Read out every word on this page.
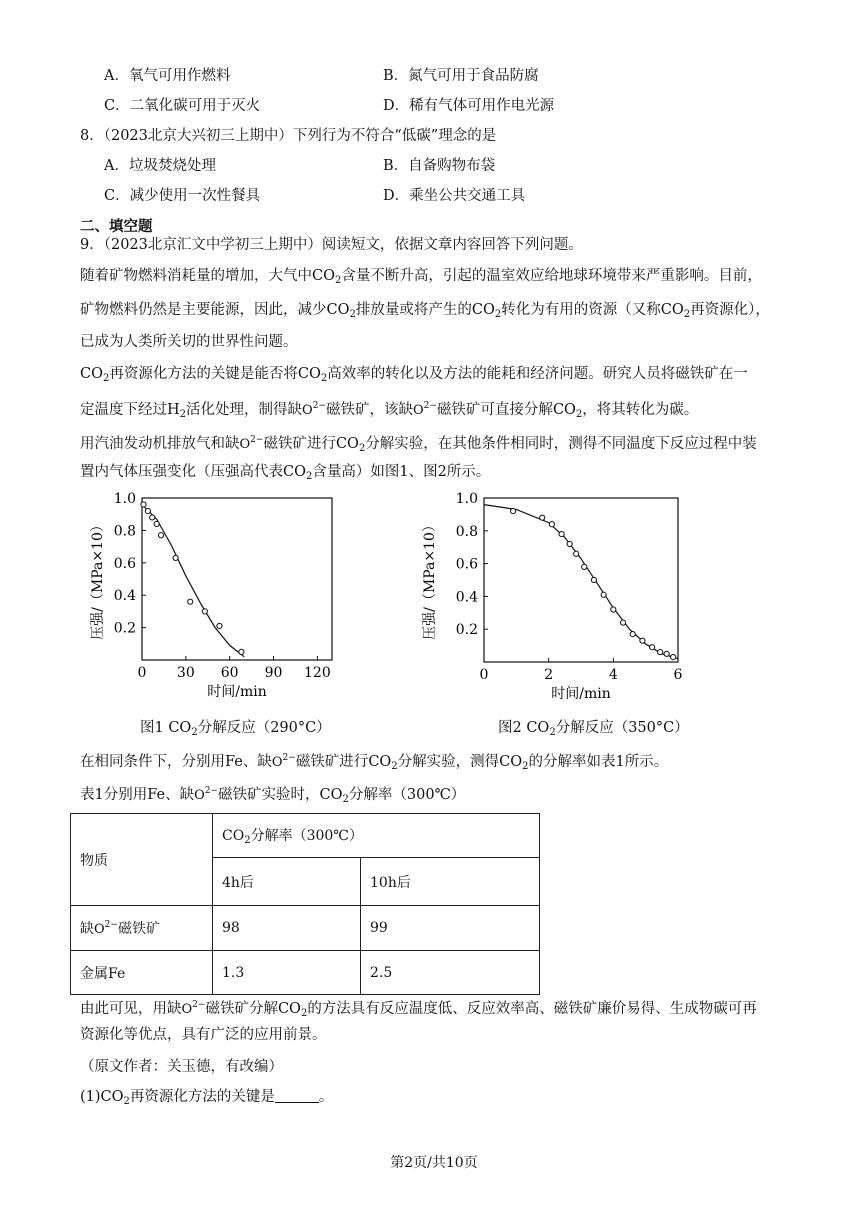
A．氧气可用作燃料	B．氮气可用于食品防腐
C．二氧化碳可用于灭火	D．稀有气体可用作电光源
8．（2023北京大兴初三上期中）下列行为不符合“低碳”理念的是
A．垃圾焚烧处理	B．自备购物布袋
C．减少使用一次性餐具	D．乘坐公共交通工具
二、填空题
9．（2023北京汇文中学初三上期中）阅读短文，依据文章内容回答下列问题。
随着矿物燃料消耗量的增加，大气中$CO_2$含量不断升高，引起的温室效应给地球环境带来严重影响。目前，
矿物燃料仍然是主要能源，因此，减少$CO_2$排放量或将产生的$CO_2$转化为有用的资源（又称$CO_2$再资源化），
已成为人类所关切的世界性问题。
$CO_2$再资源化方法的关键是能否将$CO_2$高效率的转化以及方法的能耗和经济问题。研究人员将磁铁矿在一
定温度下经过$H_2$活化处理，制得缺$O^{2-}$磁铁矿，该缺$O^{2-}$磁铁矿可直接分解$CO_2$，将其转化为碳。
用汽油发动机排放气和缺$O^{2-}$磁铁矿进行$CO_2$分解实验，在其他条件相同时，测得不同温度下反应过程中装
置内气体压强变化（压强高代表$CO_2$含量高）如图1、图2所示。
0 30 60 90 120
1.0
0.8
0.6
0.4
0.2
压强/（MPa×10）
时间/min
图1 $CO_2$分解反应（290°C）
0	2	4	6
1.0
0.8
0.6
0.4
0.2
压强/（MPa×10）
时间/min
图2 $CO_2$分解反应（350°C）
在相同条件下，分别用Fe、缺$O^{2-}$磁铁矿进行$CO_2$分解实验，测得$CO_2$的分解率如表1所示。
表1分别用Fe、缺$O^{2-}$磁铁矿实验时，$CO_2$分解率（300℃）
物质	$CO_2$分解率（300℃）	
	4h后	10h后
缺$O^{2-}$磁铁矿	98	99
金属Fe	1.3	2.5
由此可见，用缺$O^{2-}$磁铁矿分解$CO_2$的方法具有反应温度低、反应效率高、磁铁矿廉价易得、生成物碳可再
资源化等优点，具有广泛的应用前景。
（原文作者：关玉德，有改编）
$(1)CO_2$再资源化方法的关键是	。
第2页/共10页
